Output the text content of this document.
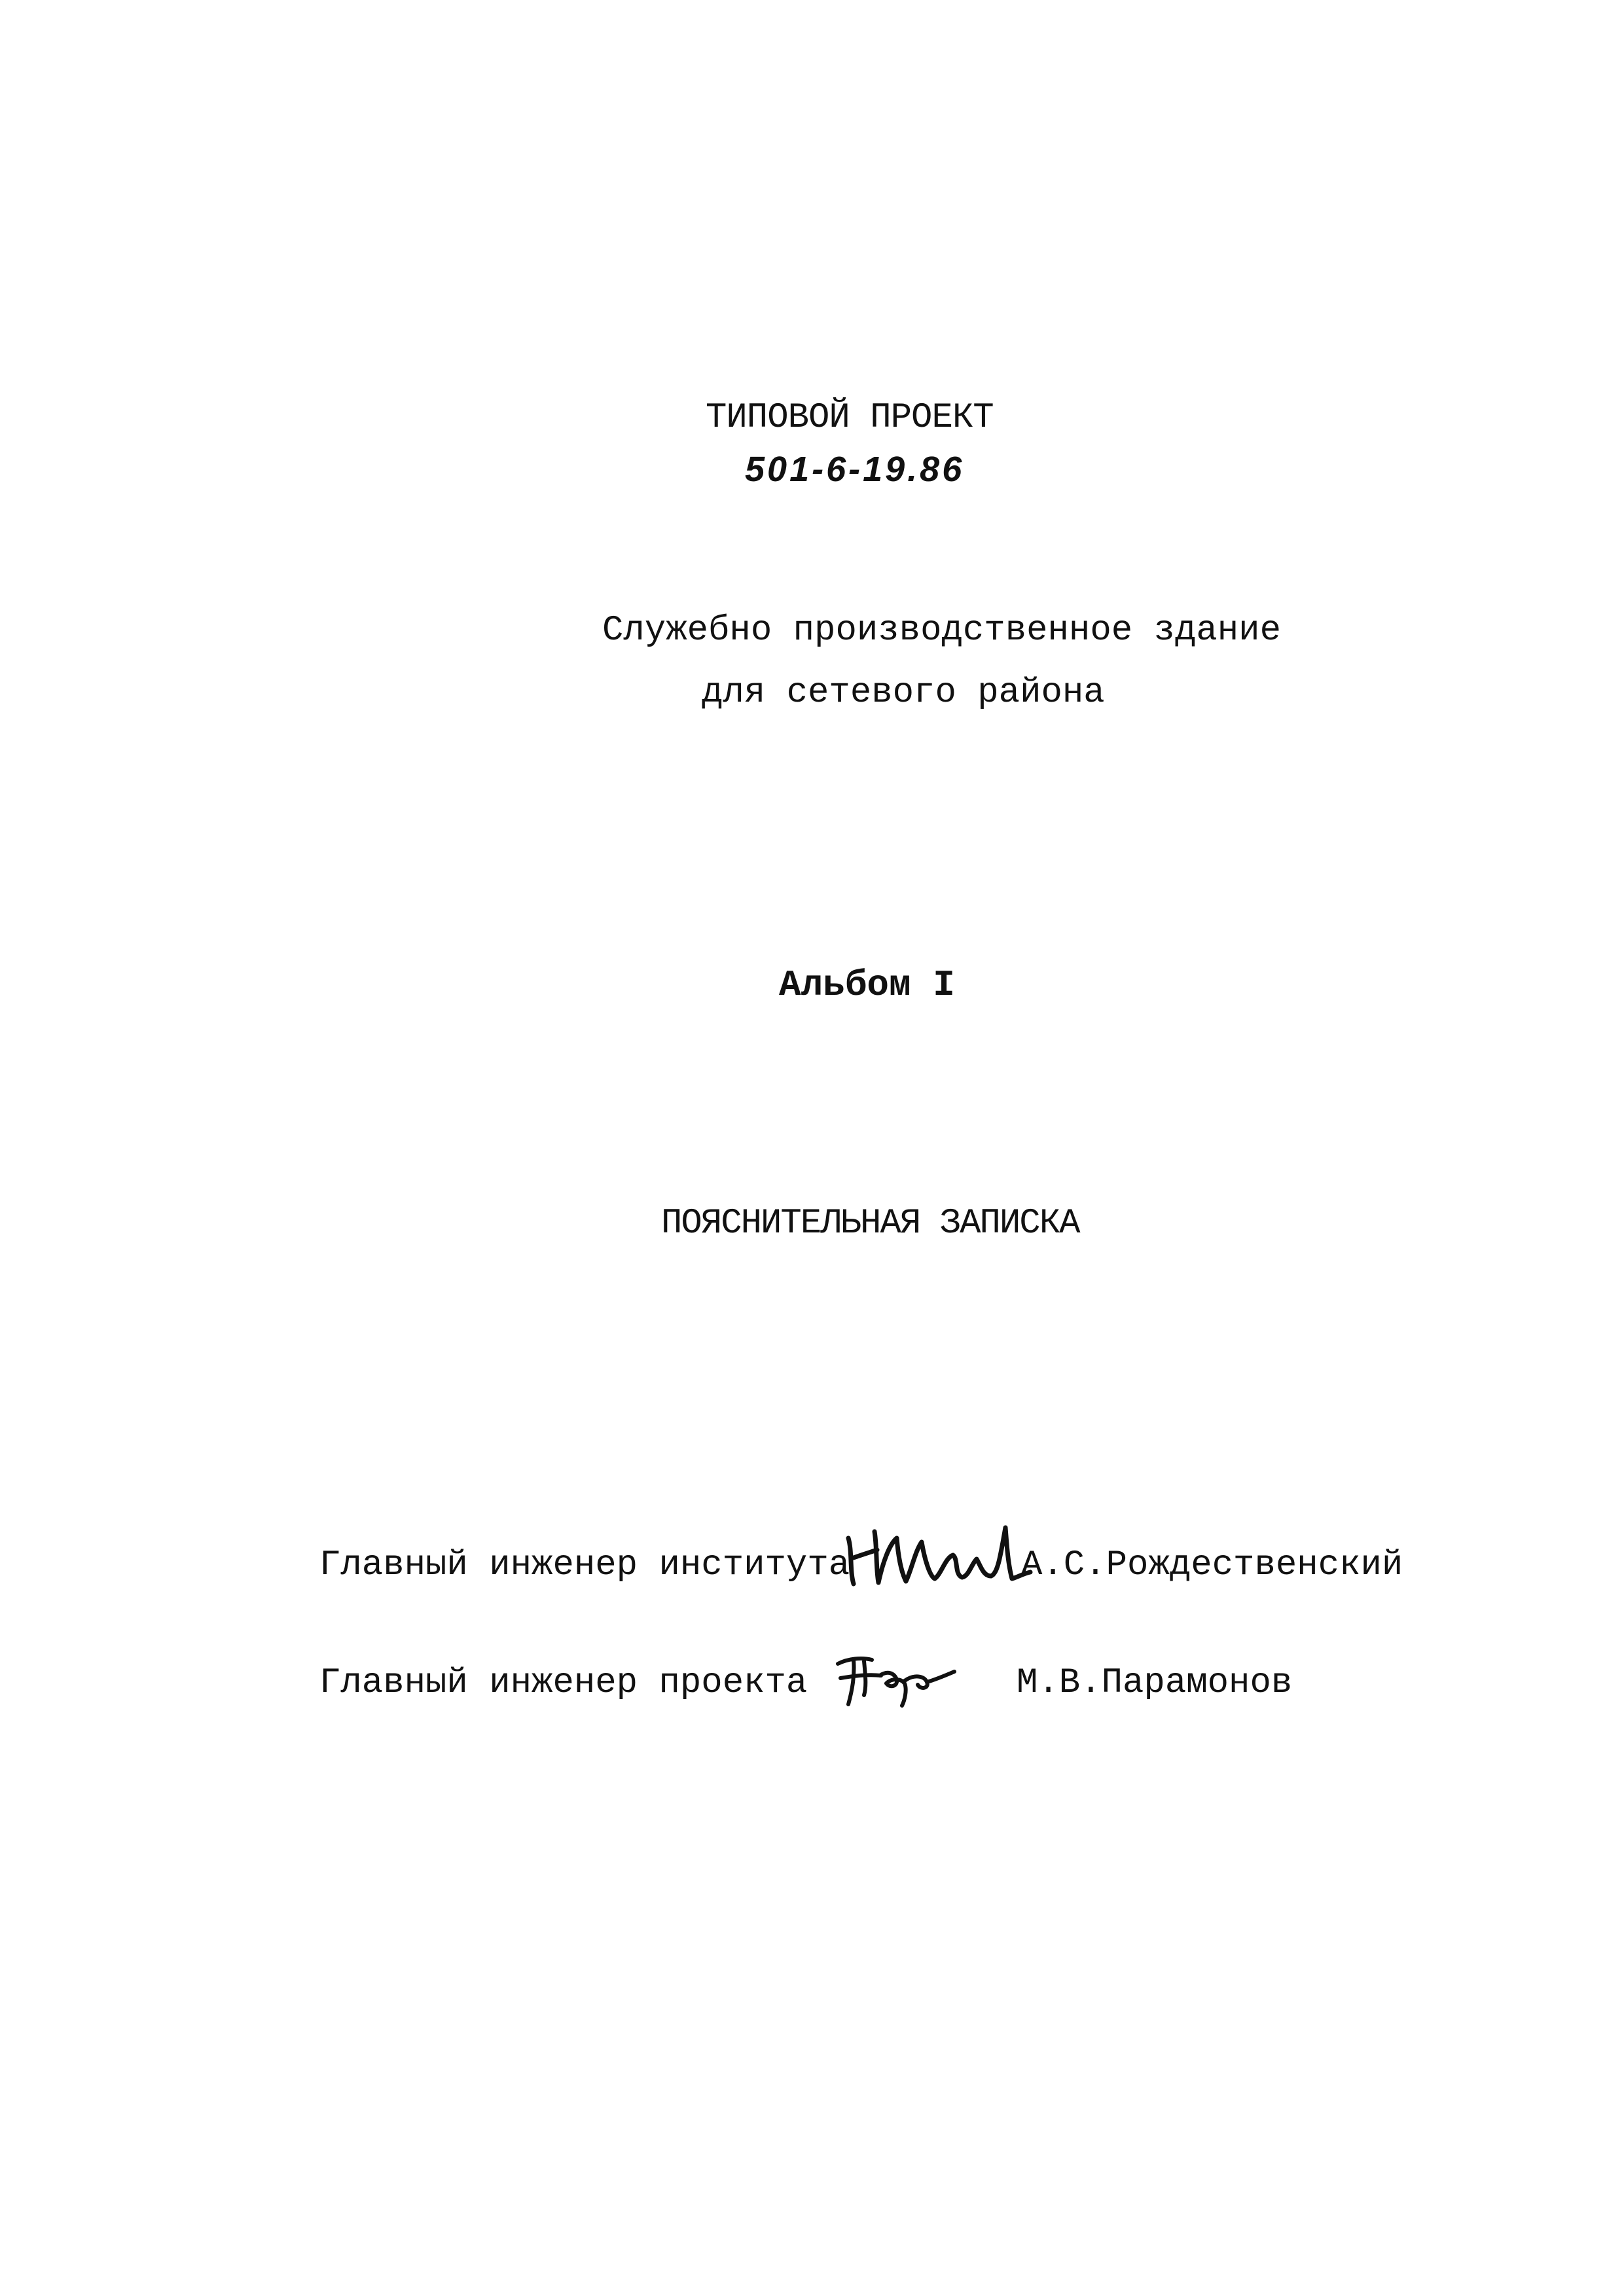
ТИПОВОЙ ПРОЕКТ
501-6-19.86
Служебно производственное здание
для сетевого района
Альбом I
ПОЯСНИТЕЛЬНАЯ ЗАПИСКА
Главный инженер института	А.С.Рождественский
Главный инженер проекта	М.В.Парамонов
